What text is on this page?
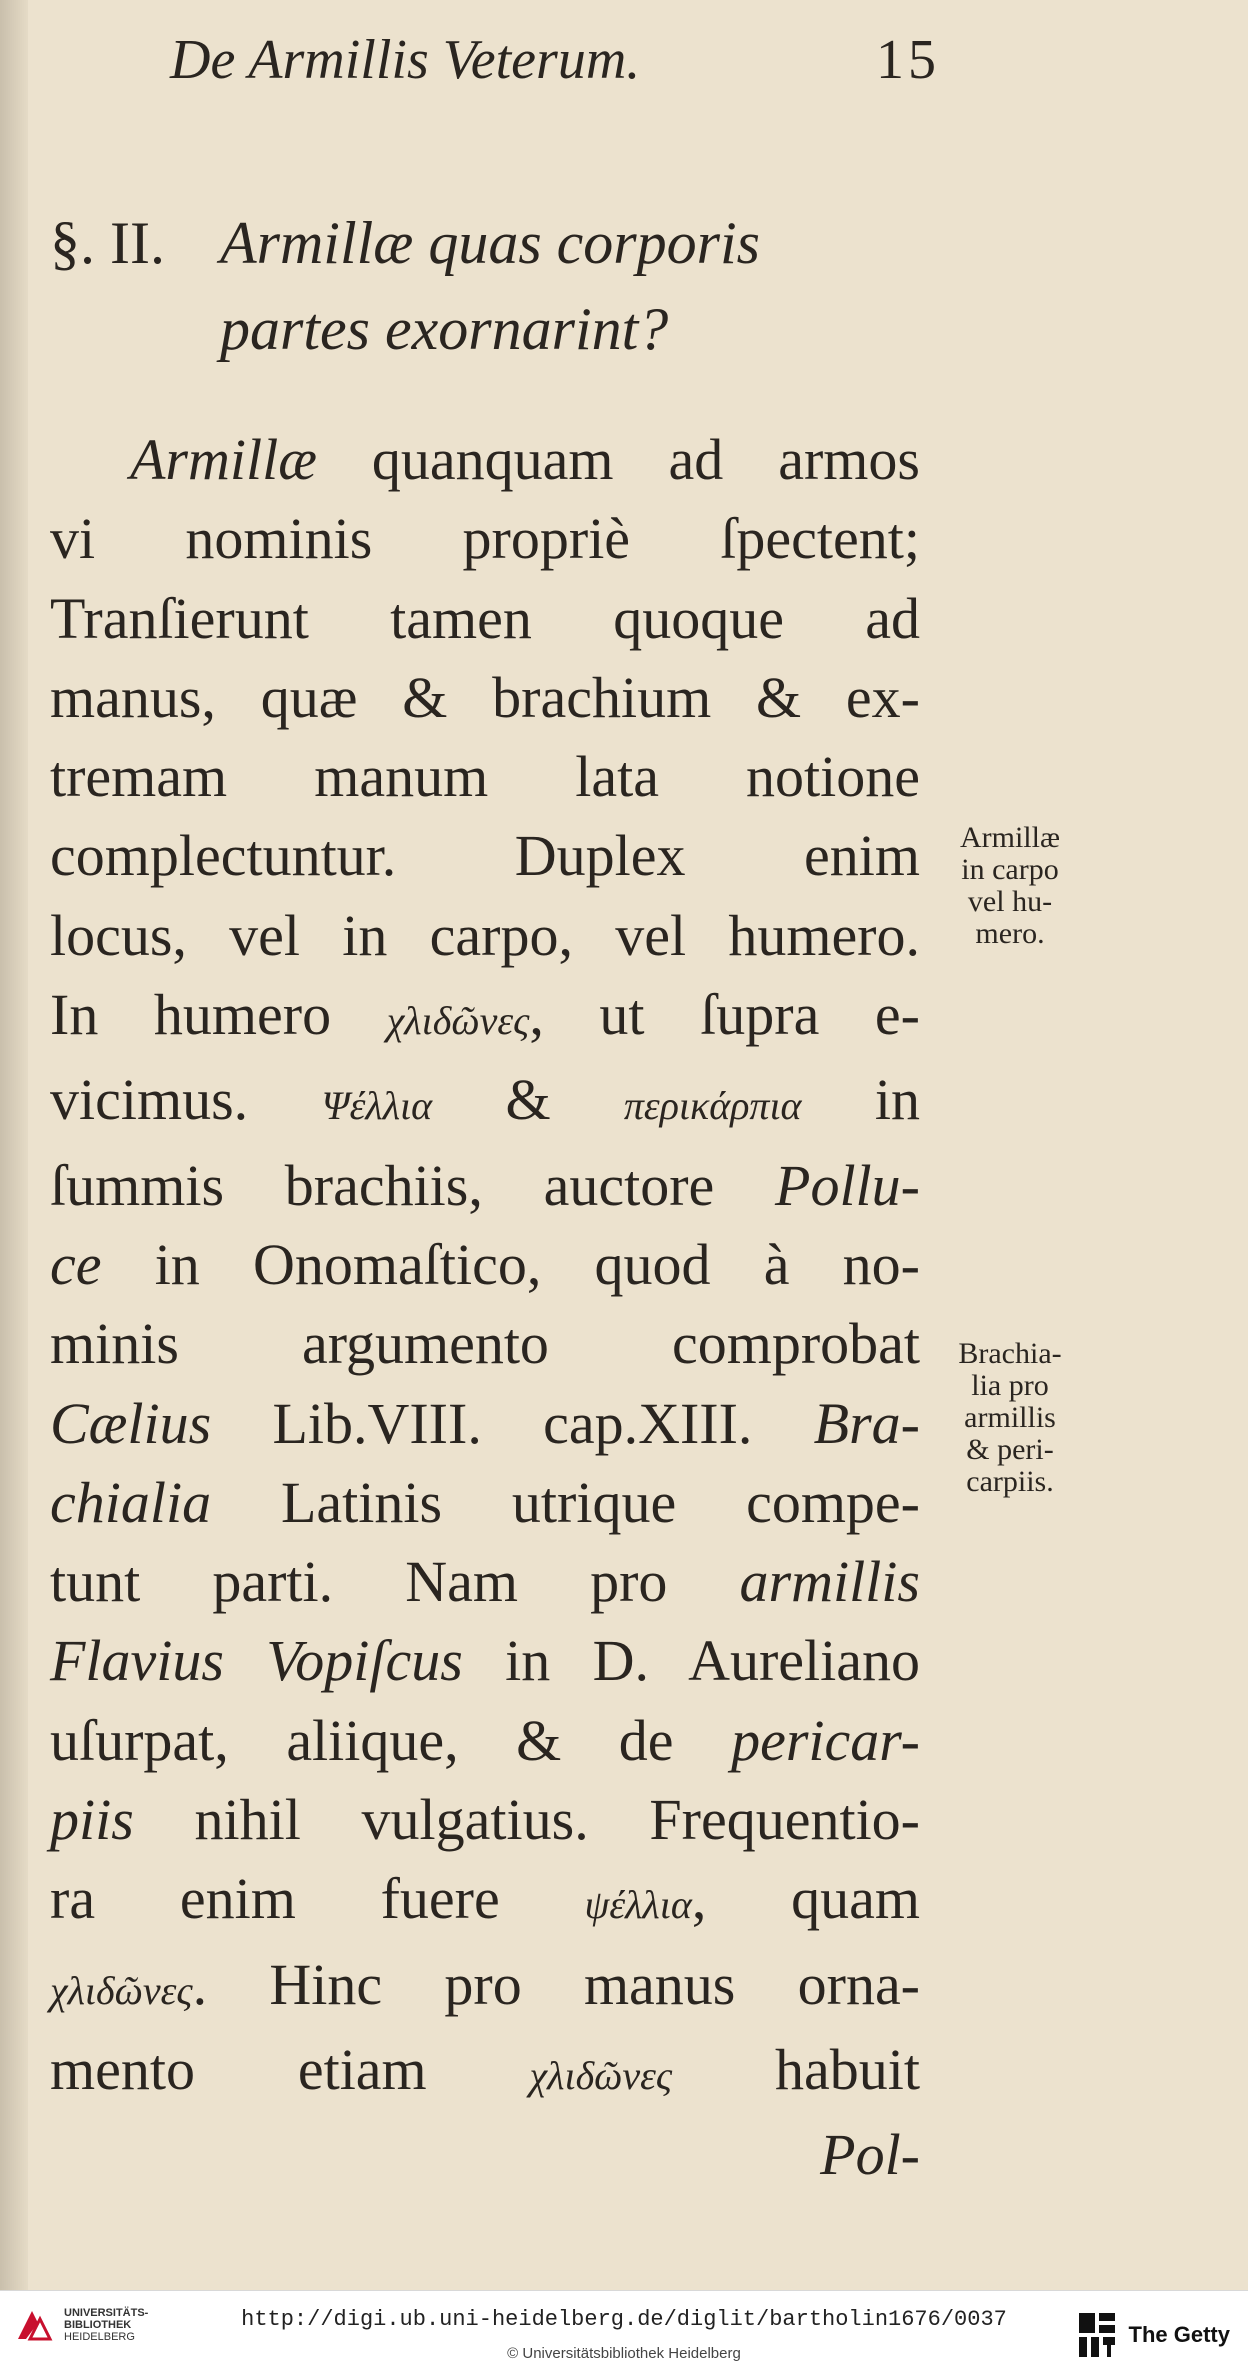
De Armillis Veterum.	15
§. II. Armillæ quas corporis
partes exornarint?
Armillæ quanquam ad armos
vi nominis propriè ſpectent;
Tranſierunt tamen quoque ad
manus, quæ & brachium & ex-
tremam manum lata notione
complectuntur. Duplex enim
locus, vel in carpo, vel humero.
In humero χλιδῶνες, ut ſupra e-
vicimus. Ψέλλια & περικάρπια in
ſummis brachiis, auctore Pollu-
ce in Onomaſtico, quod à no-
minis argumento comprobat
Cælius Lib.VIII. cap.XIII. Bra-
chialia Latinis utrique compe-
tunt parti. Nam pro armillis
Flavius Vopiſcus in D. Aureliano
uſurpat, aliique, & de pericar-
piis nihil vulgatius. Frequentio-
ra enim fuere ψέλλια, quam
χλιδῶνες. Hinc pro manus orna-
mento etiam χλιδῶνες habuit
Pol-
Armillæ
in carpo
vel hu-
mero.
Brachia-
lia pro
armillis
& peri-
carpiis.
UNIVERSITÄTS-
BIBLIOTHEK
HEIDELBERG
http://digi.ub.uni-heidelberg.de/diglit/bartholin1676/0037
© Universitätsbibliothek Heidelberg
The Getty
